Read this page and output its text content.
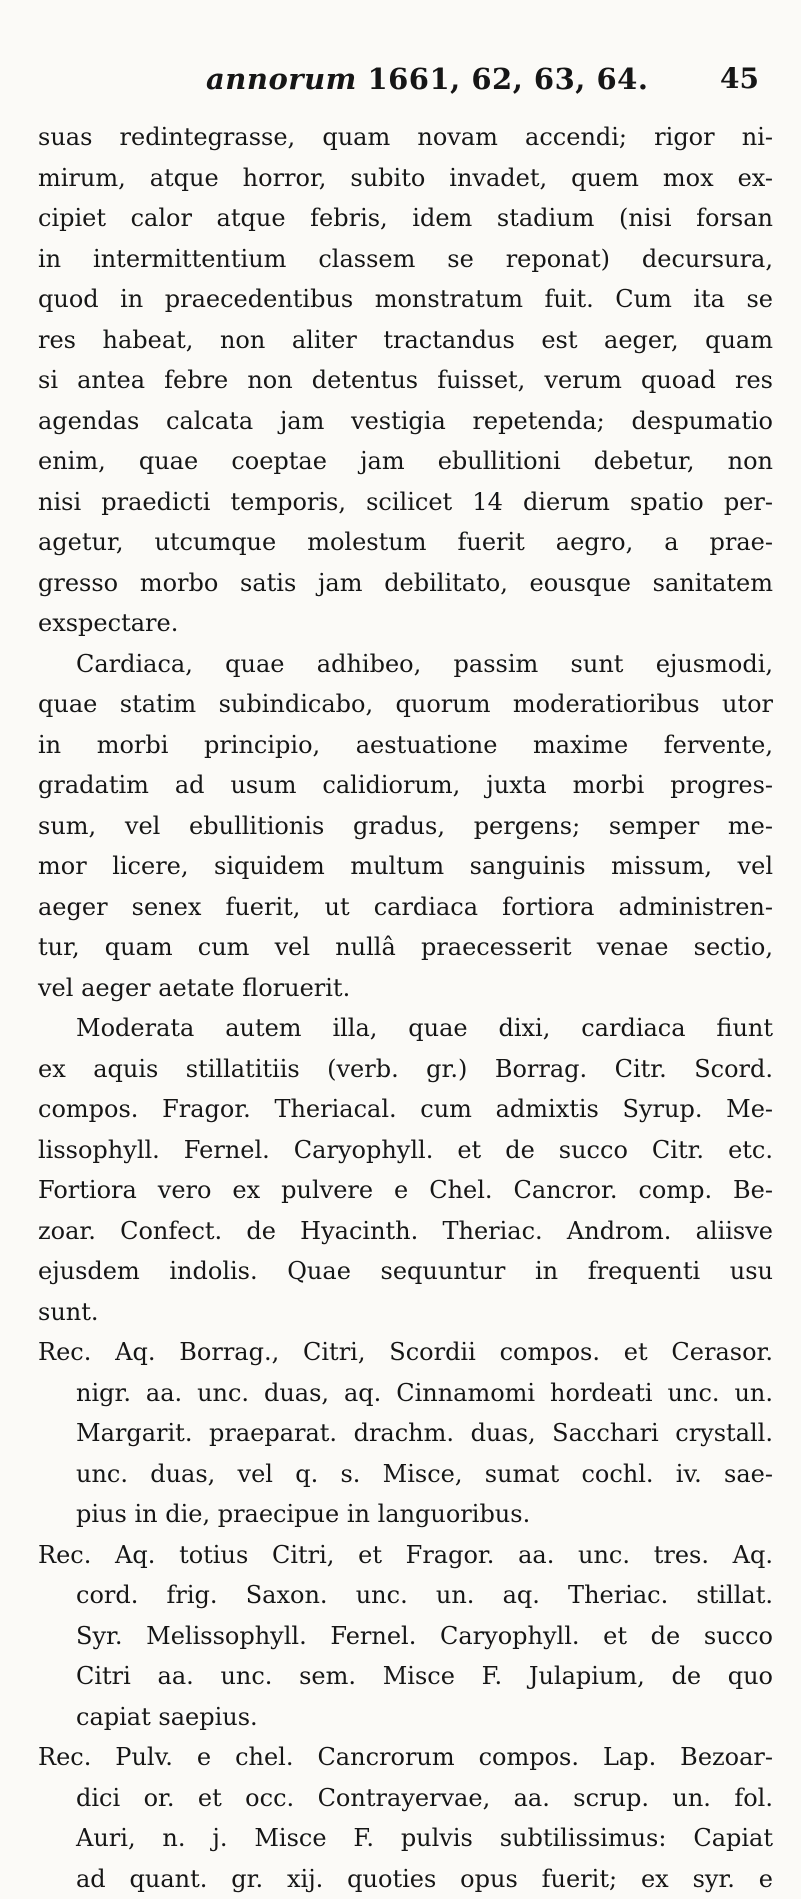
annorum 1661, 62, 63, 64.	45
suas redintegrasse, quam novam accendi; rigor ni-
mirum, atque horror, subito invadet, quem mox ex-
cipiet calor atque febris, idem stadium (nisi forsan
in intermittentium classem se reponat) decursura,
quod in praecedentibus monstratum fuit. Cum ita se
res habeat, non aliter tractandus est aeger, quam
si antea febre non detentus fuisset, verum quoad res
agendas calcata jam vestigia repetenda; despumatio
enim, quae coeptae jam ebullitioni debetur, non
nisi praedicti temporis, scilicet 14 dierum spatio per-
agetur, utcumque molestum fuerit aegro, a prae-
gresso morbo satis jam debilitato, eousque sanitatem
exspectare.
Cardiaca, quae adhibeo, passim sunt ejusmodi,
quae statim subindicabo, quorum moderatioribus utor
in morbi principio, aestuatione maxime fervente,
gradatim ad usum calidiorum, juxta morbi progres-
sum, vel ebullitionis gradus, pergens; semper me-
mor licere, siquidem multum sanguinis missum, vel
aeger senex fuerit, ut cardiaca fortiora administren-
tur, quam cum vel nullâ praecesserit venae sectio,
vel aeger aetate floruerit.
Moderata autem illa, quae dixi, cardiaca fiunt
ex aquis stillatitiis (verb. gr.) Borrag. Citr. Scord.
compos. Fragor. Theriacal. cum admixtis Syrup. Me-
lissophyll. Fernel. Caryophyll. et de succo Citr. etc.
Fortiora vero ex pulvere e Chel. Cancror. comp. Be-
zoar. Confect. de Hyacinth. Theriac. Androm. aliisve
ejusdem indolis. Quae sequuntur in frequenti usu
sunt.
Rec. Aq. Borrag., Citri, Scordii compos. et Cerasor.
nigr. aa. unc. duas, aq. Cinnamomi hordeati unc. un.
Margarit. praeparat. drachm. duas, Sacchari crystall.
unc. duas, vel q. s. Misce, sumat cochl. iv. sae-
pius in die, praecipue in languoribus.
Rec. Aq. totius Citri, et Fragor. aa. unc. tres. Aq.
cord. frig. Saxon. unc. un. aq. Theriac. stillat.
Syr. Melissophyll. Fernel. Caryophyll. et de succo
Citri aa. unc. sem. Misce F. Julapium, de quo
capiat saepius.
Rec. Pulv. e chel. Cancrorum compos. Lap. Bezoar-
dici or. et occ. Contrayervae, aa. scrup. un. fol.
Auri, n. j. Misce F. pulvis subtilissimus: Capiat
ad quant. gr. xij. quoties opus fuerit; ex syr. e
